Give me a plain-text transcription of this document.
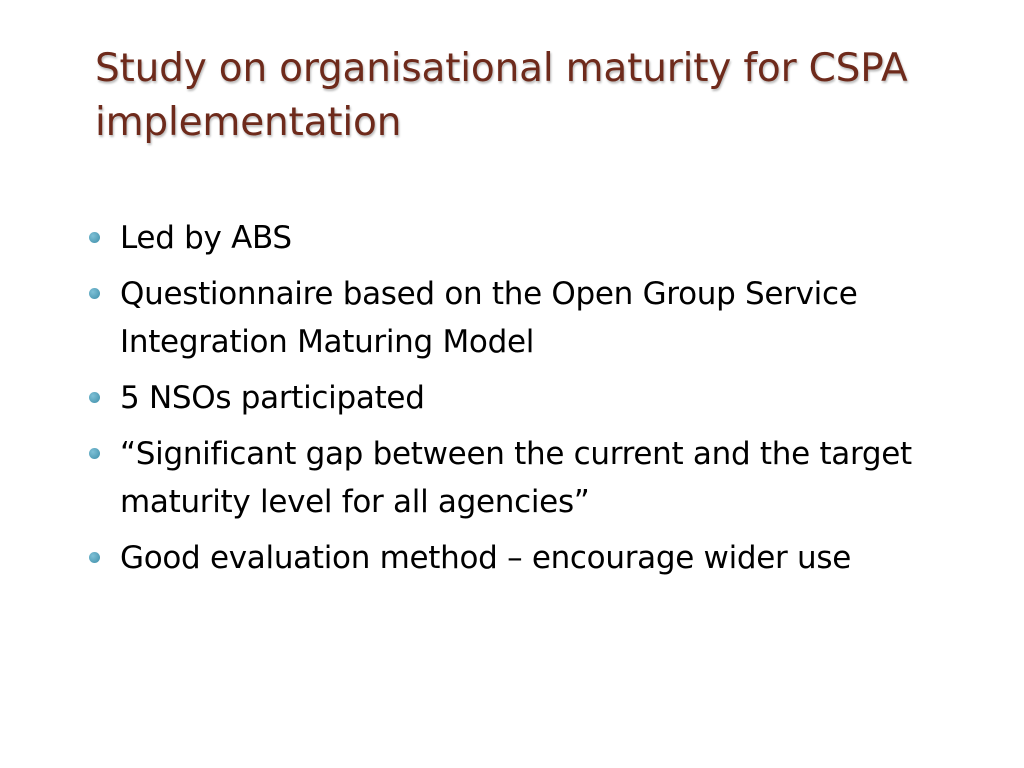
Study on organisational maturity for CSPA implementation
Led by ABS
Questionnaire based on the Open Group Service Integration Maturing Model
5 NSOs participated
“Significant gap between the current and the target maturity level for all agencies”
Good evaluation method – encourage wider use
